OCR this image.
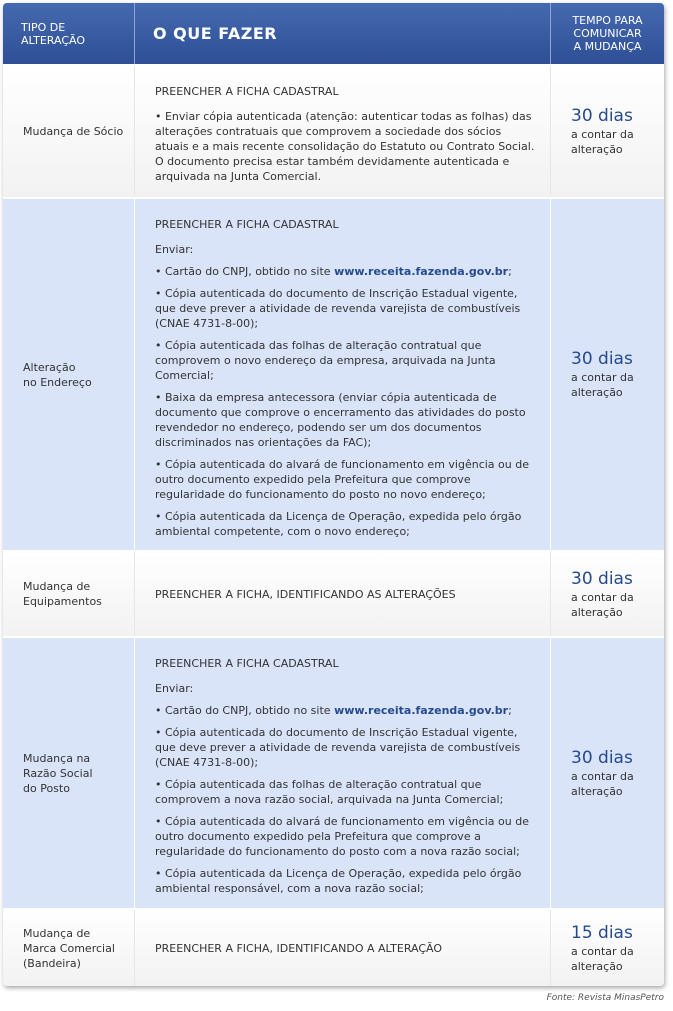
TIPO DE
ALTERAÇÃO	O QUE FAZER
TEMPO PARA
COMUNICAR
A MUDANÇA
Mudança de Sócio

PREENCHER A FICHA CADASTRAL

• Enviar cópia autenticada (atenção: autenticar todas as folhas) das alterações contratuais que comprovem a sociedade dos sócios atuais e a mais recente consolidação do Estatuto ou Contrato Social. O documento precisa estar também devidamente autenticada e arquivada na Junta Comercial.

30 dias
a contar da
alteração
Alteração
no Endereço

PREENCHER A FICHA CADASTRAL

Enviar:

• Cartão do CNPJ, obtido no site www.receita.fazenda.gov.br;

• Cópia autenticada do documento de Inscrição Estadual vigente, que deve prever a atividade de revenda varejista de combustíveis (CNAE 4731-8-00);

• Cópia autenticada das folhas de alteração contratual que comprovem o novo endereço da empresa, arquivada na Junta Comercial;

• Baixa da empresa antecessora (enviar cópia autenticada de documento que comprove o encerramento das atividades do posto revendedor no endereço, podendo ser um dos documentos discriminados nas orientações da FAC);

• Cópia autenticada do alvará de funcionamento em vigência ou de outro documento expedido pela Prefeitura que comprove regularidade do funcionamento do posto no novo endereço;

• Cópia autenticada da Licença de Operação, expedida pelo órgão ambiental competente, com o novo endereço;

30 dias
a contar da
alteração
Mudança de
Equipamentos
PREENCHER A FICHA, IDENTIFICANDO AS ALTERAÇÕES
30 dias
a contar da
alteração
Mudança na
Razão Social
do Posto

PREENCHER A FICHA CADASTRAL

Enviar:

• Cartão do CNPJ, obtido no site www.receita.fazenda.gov.br;

• Cópia autenticada do documento de Inscrição Estadual vigente, que deve prever a atividade de revenda varejista de combustíveis (CNAE 4731-8-00);

• Cópia autenticada das folhas de alteração contratual que comprovem a nova razão social, arquivada na Junta Comercial;

• Cópia autenticada do alvará de funcionamento em vigência ou de outro documento expedido pela Prefeitura que comprove a regularidade do funcionamento do posto com a nova razão social;

• Cópia autenticada da Licença de Operação, expedida pelo órgão ambiental responsável, com a nova razão social;

30 dias
a contar da
alteração
Mudança de
Marca Comercial
(Bandeira)
PREENCHER A FICHA, IDENTIFICANDO A ALTERAÇÃO
15 dias
a contar da
alteração
Fonte: Revista MinasPetro
